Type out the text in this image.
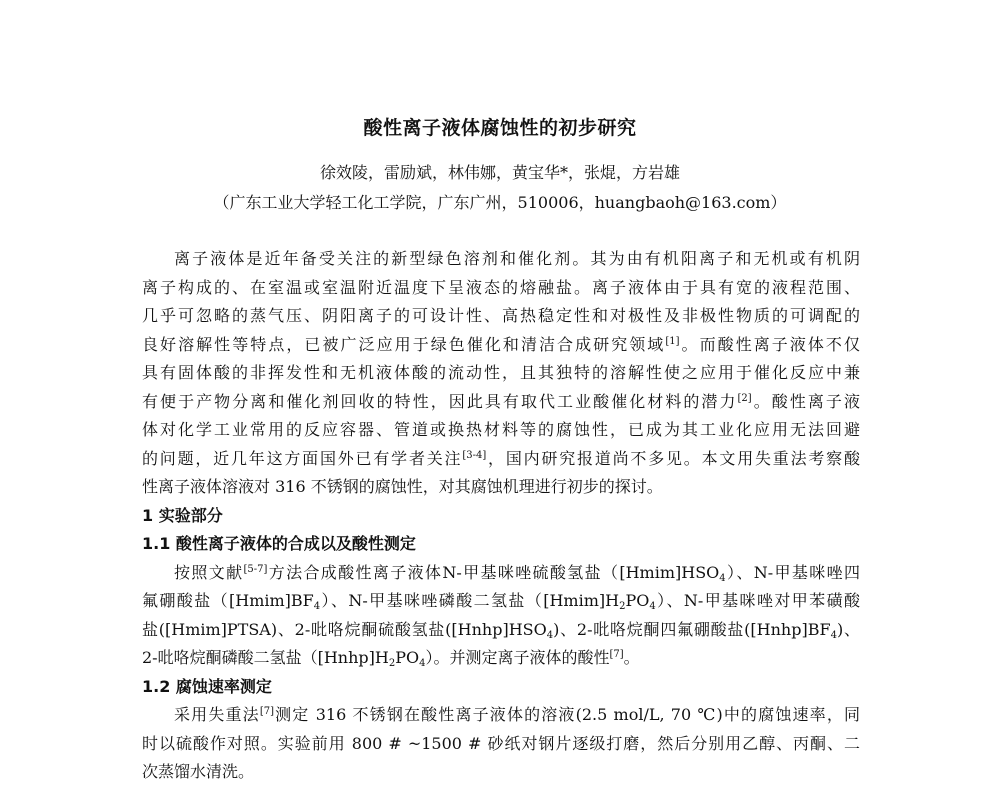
酸性离子液体腐蚀性的初步研究
徐效陵，雷励斌，林伟娜，黄宝华*，张焜，方岩雄
（广东工业大学轻工化工学院，广东广州，510006，huangbaoh@163.com）
离子液体是近年备受关注的新型绿色溶剂和催化剂。其为由有机阳离子和无机或有机阴
离子构成的、在室温或室温附近温度下呈液态的熔融盐。离子液体由于具有宽的液程范围、
几乎可忽略的蒸气压、阴阳离子的可设计性、高热稳定性和对极性及非极性物质的可调配的
良好溶解性等特点，已被广泛应用于绿色催化和清洁合成研究领域[1]。而酸性离子液体不仅
具有固体酸的非挥发性和无机液体酸的流动性，且其独特的溶解性使之应用于催化反应中兼
有便于产物分离和催化剂回收的特性，因此具有取代工业酸催化材料的潜力[2]。酸性离子液
体对化学工业常用的反应容器、管道或换热材料等的腐蚀性，已成为其工业化应用无法回避
的问题，近几年这方面国外已有学者关注[3-4]，国内研究报道尚不多见。本文用失重法考察酸
性离子液体溶液对 316 不锈钢的腐蚀性，对其腐蚀机理进行初步的探讨。
1 实验部分
1.1 酸性离子液体的合成以及酸性测定
按照文献[5-7]方法合成酸性离子液体N-甲基咪唑硫酸氢盐$([Hmim]HSO_4)$、N-甲基咪唑四
氟硼酸盐$([Hmim]BF_4)$、N-甲基咪唑磷酸二氢盐$([Hmim]H_2PO_4)$、N-甲基咪唑对甲苯磺酸
盐([Hmim]PTSA)、2-吡咯烷酮硫酸氢盐$([Hnhp]HSO_4)$、2-吡咯烷酮四氟硼酸盐$([Hnhp]BF_4)$、
2-吡咯烷酮磷酸二氢盐$([Hnhp]H_2PO_4)$。并测定离子液体的酸性[7]。
1.2 腐蚀速率测定
采用失重法[7]测定 316 不锈钢在酸性离子液体的溶液(2.5 mol/L, 70 ℃)中的腐蚀速率，同
时以硫酸作对照。实验前用 800 # ~1500 # 砂纸对钢片逐级打磨，然后分别用乙醇、丙酮、二
次蒸馏水清洗。
